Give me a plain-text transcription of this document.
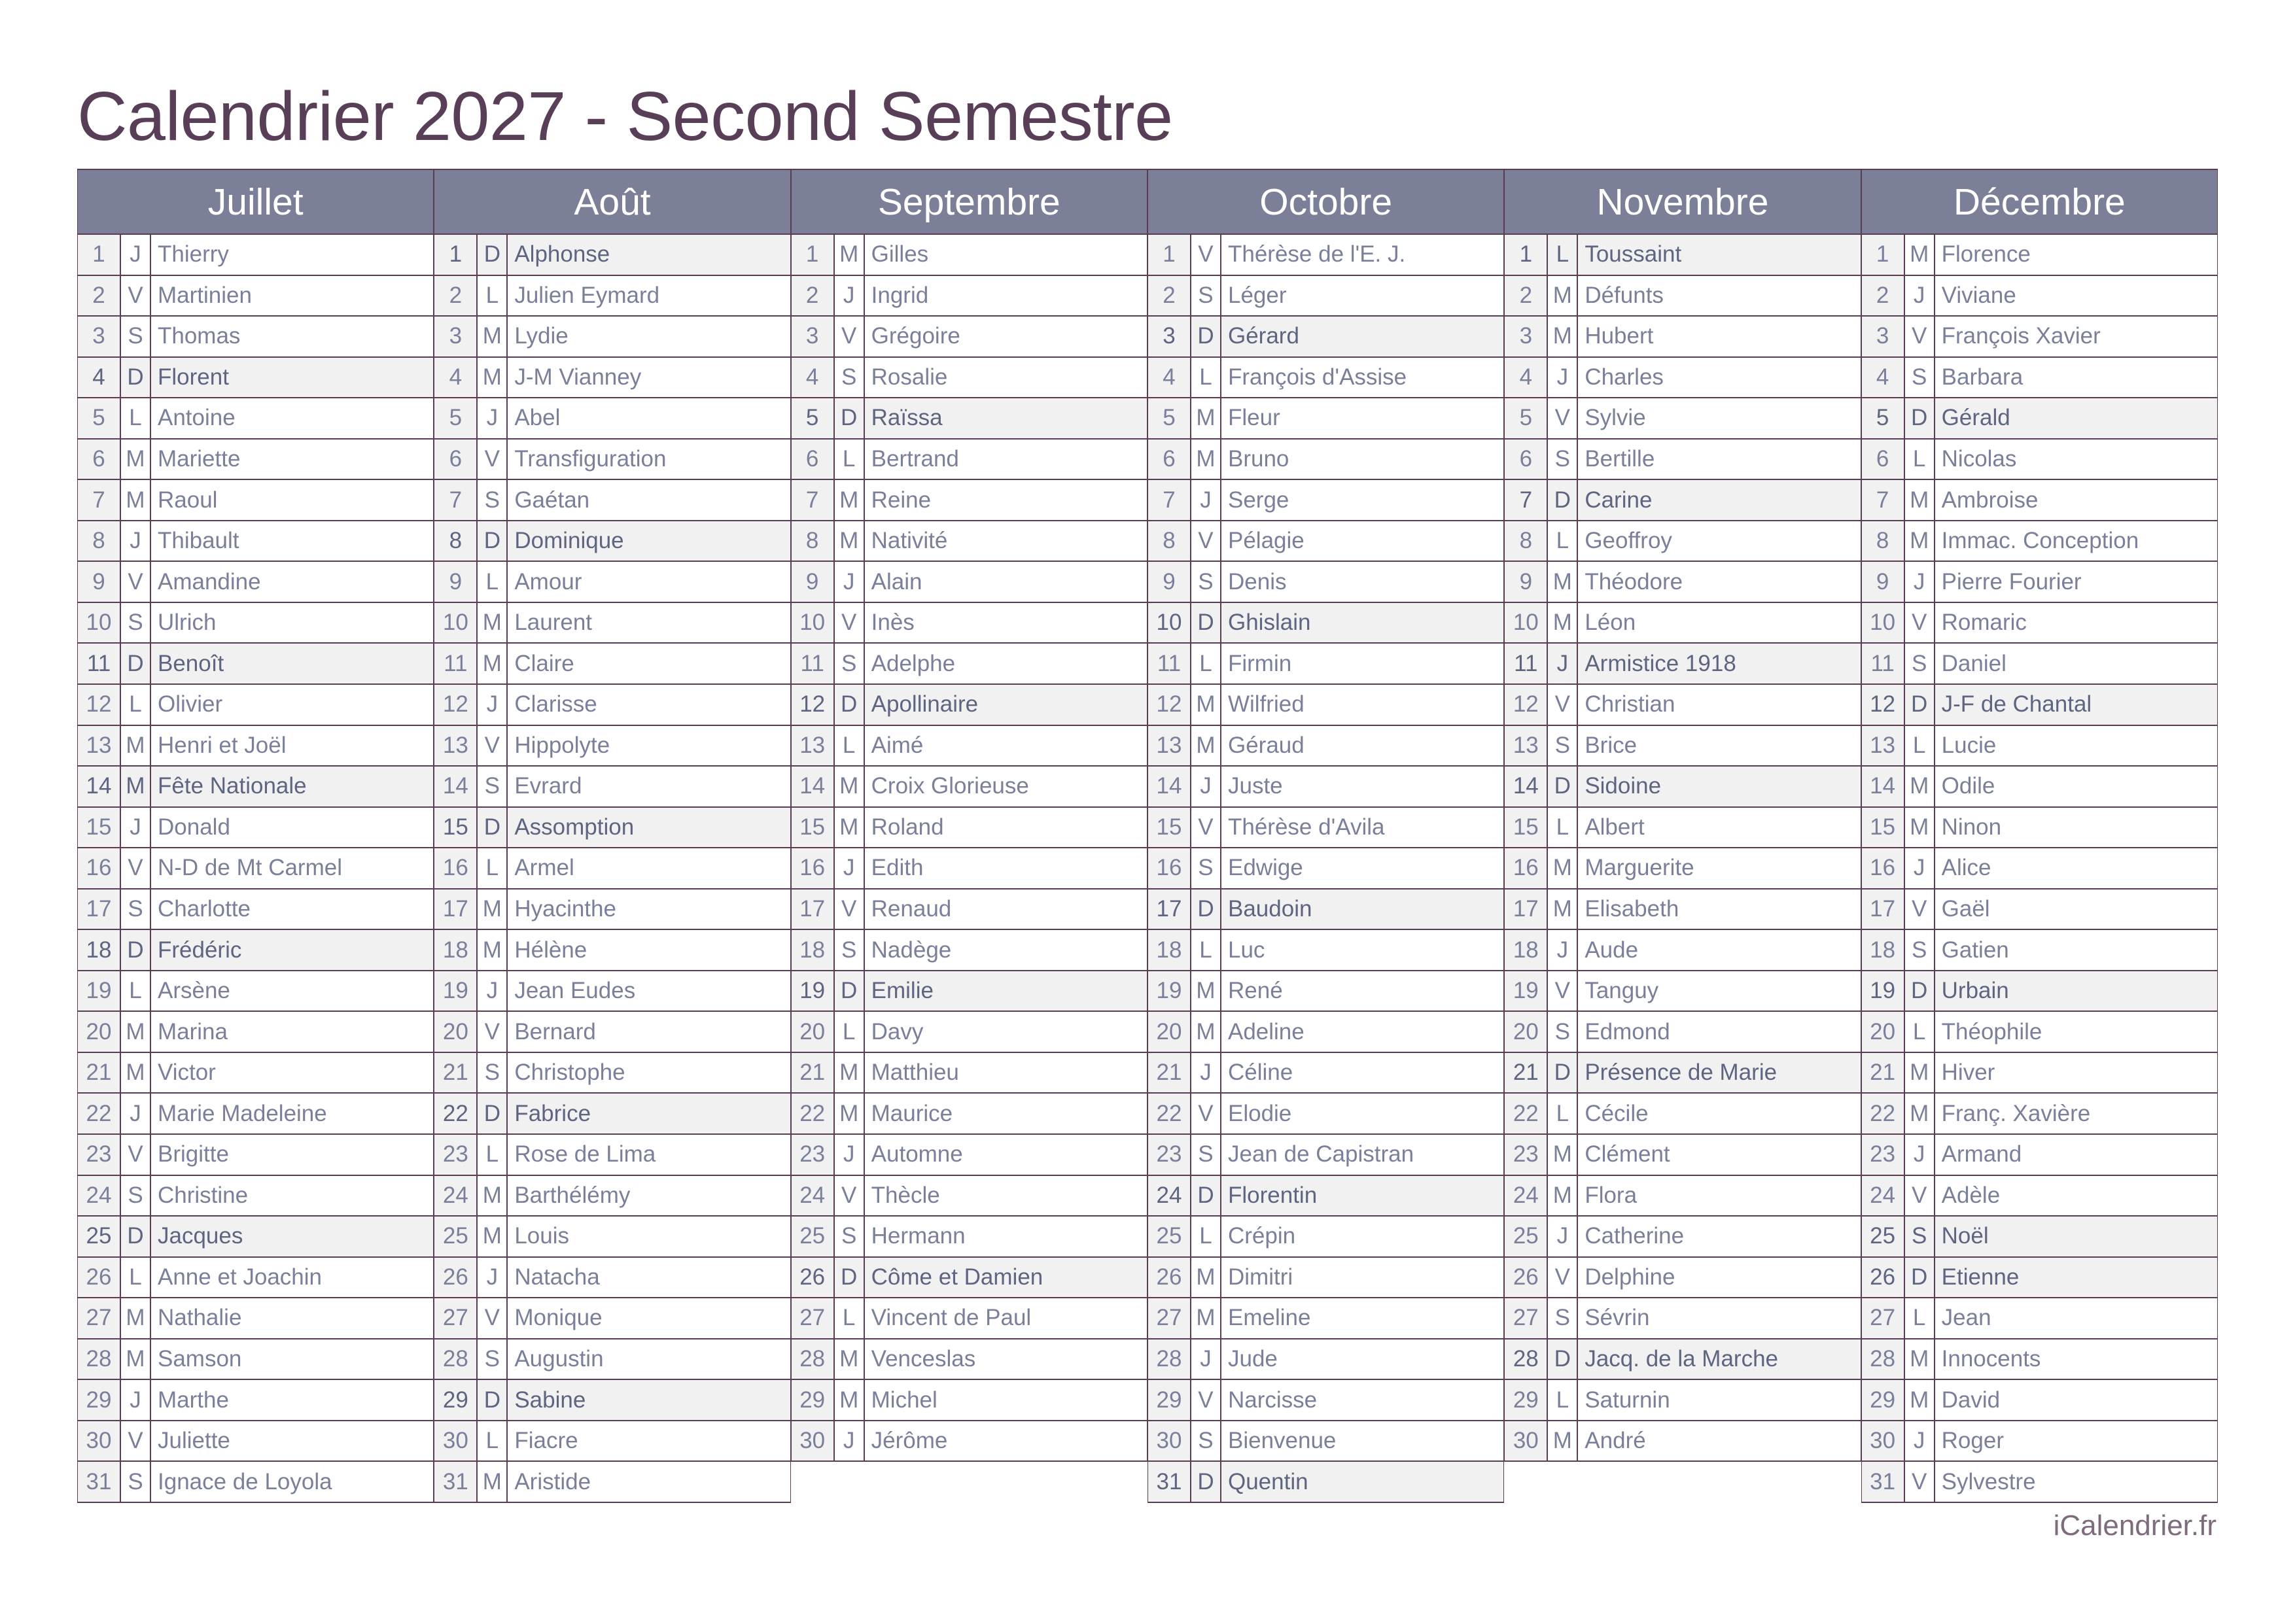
Calendrier 2027 - Second Semestre
Juillet
1	J Thierry
2 V Martinien
3 S Thomas
4 D Florent
5	L Antoine
6 M Mariette
7 M Raoul
8	J Thibault
9 V Amandine
10 S Ulrich
11 D Benoît
12 L Olivier
13 M Henri et Joël
14 M Fête Nationale
15 J Donald
16 V N-D de Mt Carmel
17 S Charlotte
18 D Frédéric
19 L Arsène
20 M Marina
21 M Victor
22 J Marie Madeleine
23 V Brigitte
24 S Christine
25 D Jacques
26 L Anne et Joachin
27 M Nathalie
28 M Samson
29 J Marthe
30 V Juliette
31 S Ignace de Loyola
Août
1 D Alphonse
2	L Julien Eymard
3 M Lydie
4 M J-M Vianney
5	J Abel
6 V Transfiguration
7 S Gaétan
8 D Dominique
9	L Amour
10 M Laurent
11 M Claire
12 J Clarisse
13 V Hippolyte
14 S Evrard
15 D Assomption
16 L Armel
17 M Hyacinthe
18 M Hélène
19 J Jean Eudes
20 V Bernard
21 S Christophe
22 D Fabrice
23 L Rose de Lima
24 M Barthélémy
25 M Louis
26 J Natacha
27 V Monique
28 S Augustin
29 D Sabine
30 L Fiacre
31 M Aristide
Septembre
1 M Gilles
2	J Ingrid
3 V Grégoire
4 S Rosalie
5 D Raïssa
6	L Bertrand
7 M Reine
8 M Nativité
9	J Alain
10 V Inès
11 S Adelphe
12 D Apollinaire
13 L Aimé
14 M Croix Glorieuse
15 M Roland
16 J Edith
17 V Renaud
18 S Nadège
19 D Emilie
20 L Davy
21 M Matthieu
22 M Maurice
23 J Automne
24 V Thècle
25 S Hermann
26 D Côme et Damien
27 L Vincent de Paul
28 M Venceslas
29 M Michel
30 J Jérôme
Octobre
1 V Thérèse de l'E. J.
2 S Léger
3 D Gérard
4	L François d'Assise
5 M Fleur
6 M Bruno
7	J Serge
8 V Pélagie
9 S Denis
10 D Ghislain
11 L Firmin
12 M Wilfried
13 M Géraud
14 J Juste
15 V Thérèse d'Avila
16 S Edwige
17 D Baudoin
18 L Luc
19 M René
20 M Adeline
21 J Céline
22 V Elodie
23 S Jean de Capistran
24 D Florentin
25 L Crépin
26 M Dimitri
27 M Emeline
28 J Jude
29 V Narcisse
30 S Bienvenue
31 D Quentin
Novembre
1	L Toussaint
2 M Défunts
3 M Hubert
4	J Charles
5 V Sylvie
6 S Bertille
7 D Carine
8	L Geoffroy
9 M Théodore
10 M Léon
11 J Armistice 1918
12 V Christian
13 S Brice
14 D Sidoine
15 L Albert
16 M Marguerite
17 M Elisabeth
18 J Aude
19 V Tanguy
20 S Edmond
21 D Présence de Marie
22 L Cécile
23 M Clément
24 M Flora
25 J Catherine
26 V Delphine
27 S Sévrin
28 D Jacq. de la Marche
29 L Saturnin
30 M André
Décembre
1 M Florence
2	J Viviane
3 V François Xavier
4 S Barbara
5 D Gérald
6	L Nicolas
7 M Ambroise
8 M Immac. Conception
9	J Pierre Fourier
10 V Romaric
11 S Daniel
12 D J-F de Chantal
13 L Lucie
14 M Odile
15 M Ninon
16 J Alice
17 V Gaël
18 S Gatien
19 D Urbain
20 L Théophile
21 M Hiver
22 M Franç. Xavière
23 J Armand
24 V Adèle
25 S Noël
26 D Etienne
27 L Jean
28 M Innocents
29 M David
30 J Roger
31 V Sylvestre
iCalendrier.fr
